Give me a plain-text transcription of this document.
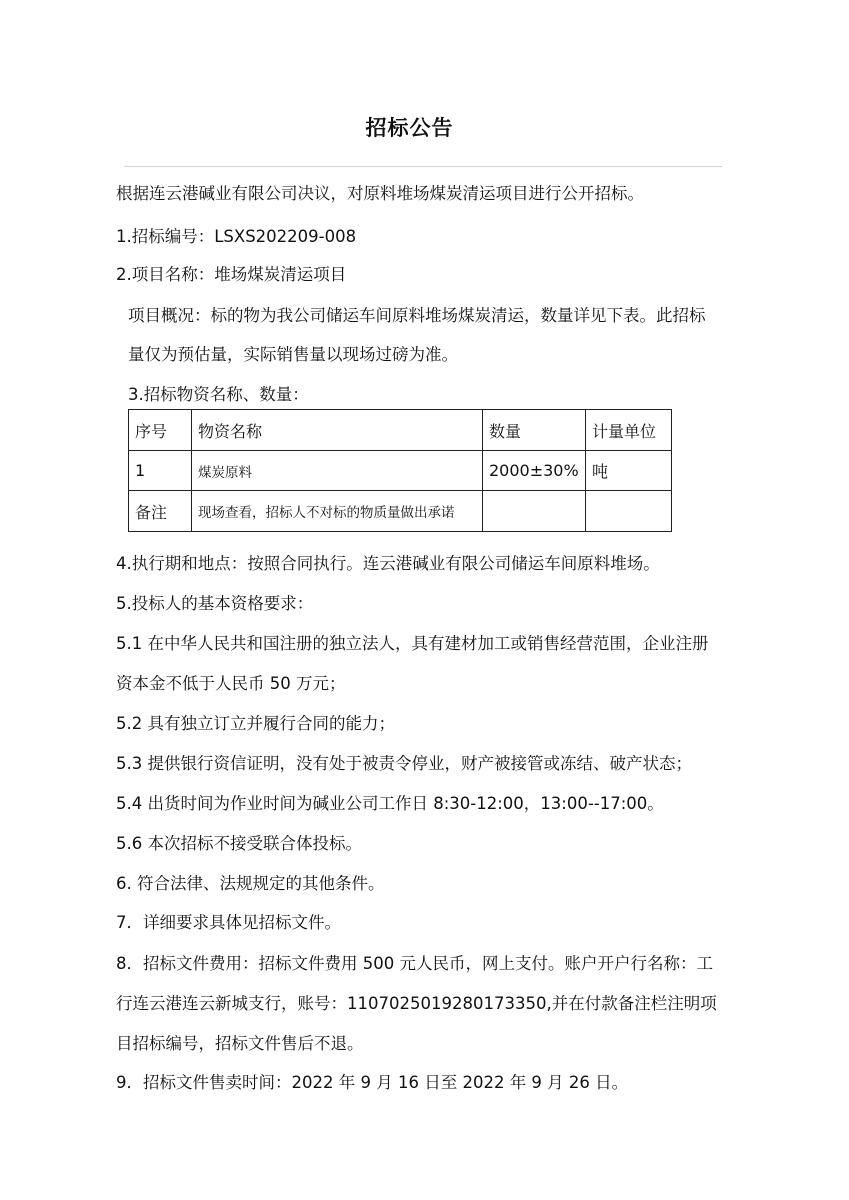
招标公告
根据连云港碱业有限公司决议，对原料堆场煤炭清运项目进行公开招标。
1.招标编号：LSXS202209-008
2.项目名称：堆场煤炭清运项目
项目概况：标的物为我公司储运车间原料堆场煤炭清运，数量详见下表。此招标
量仅为预估量，实际销售量以现场过磅为准。
3.招标物资名称、数量：
序号	物资名称	数量	计量单位
1	煤炭原料	2000±30%	吨
备注	现场查看，招标人不对标的物质量做出承诺		
4.执行期和地点：按照合同执行。连云港碱业有限公司储运车间原料堆场。
5.投标人的基本资格要求：
5.1 在中华人民共和国注册的独立法人，具有建材加工或销售经营范围，企业注册
资本金不低于人民币 50 万元；
5.2 具有独立订立并履行合同的能力；
5.3 提供银行资信证明，没有处于被责令停业，财产被接管或冻结、破产状态；
5.4 出货时间为作业时间为碱业公司工作日 8:30-12:00，13:00--17:00。
5.6 本次招标不接受联合体投标。
6. 符合法律、法规规定的其他条件。
7．详细要求具体见招标文件。
8．招标文件费用：招标文件费用 500 元人民币，网上支付。账户开户行名称：工
行连云港连云新城支行，账号：1107025019280173350,并在付款备注栏注明项
目招标编号，招标文件售后不退。
9．招标文件售卖时间：2022 年 9 月 16 日至 2022 年 9 月 26 日。
